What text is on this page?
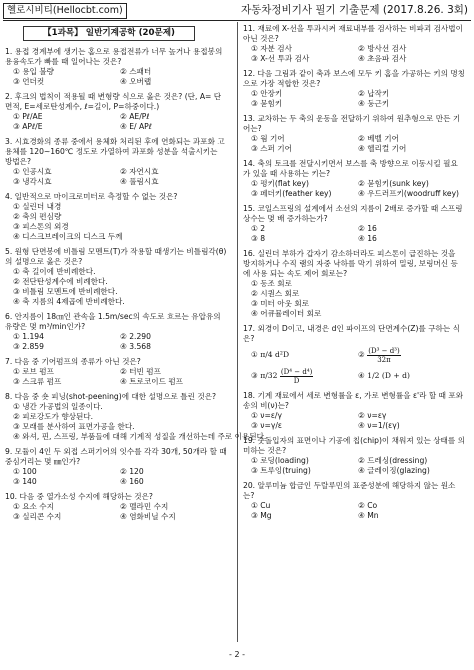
헬로시비티(Hellocbt.com)	자동차정비기사 필기 기출문제 (2017.8.26. 3회)
【1과목】 일반기계공학 (20문제)
1. 용접 경계부에 생기는 홈으로 용접전류가 너무 높거나 용접봉의 용융속도가 빠를 때 일어나는 것은?
① 용입 불량	② 스패터
③ 언더컷	④ 오버랩
2. 후크의 법칙이 적용될 때 변형량 식으로 옳은 것은? (단, A= 단면적, E=세로탄성계수, ℓ=길이, P=하중이다.)
① Pℓ/AE	② AE/Pℓ
③ APℓ/E	④ E/ APℓ
3. 시효경화의 종류 중에서 용체화 처리된 후에 연화되는 과포화 고용체를 120~160℃ 정도로 가열하여 과포화 성분을 석출시키는 방법은?
① 인공시효	② 자연시효
③ 냉각시효	④ 풀림시효
4. 일반적으로 마이크로미터로 측정할 수 없는 것은?
① 실린더 내경
② 축의 편심량
③ 피스톤의 외경
④ 디스크브레이크의 디스크 두께
5. 원형 단면봉에 비틀림 모멘트(T)가 작용할 때생기는 비틀림각(θ)의 설명으로 옳은 것은?
① 축 길이에 반비례한다.
② 전단탄성계수에 비례한다.
③ 비틀림 모멘트에 반비례한다.
④ 축 지름의 4제곱에 반비례한다.
6. 안지름이 18㎝인 관속을 1.5m/sec의 속도로 흐르는 유압유의 유량은 몇 m³/min인가?
① 1.194	② 2.290
③ 2.859	④ 3.568
7. 다음 중 기어펌프의 종류가 아닌 것은?
① 로브 펌프	② 터빈 펌프
③ 스크류 펌프	④ 트로코이드 펌프
8. 다음 중 숏 피닝(shot-peening)에 대한 설명으로 틀린 것은?
① 냉간 가공법의 일종이다.
② 피로강도가 향상된다.
③ 모래를 분사하여 표면가공을 한다.
④ 와셔, 핀, 스프링, 부품들에 대해 기계적 성질을 개선하는데 주로 이용된다.
9. 모듈이 4인 두 외접 스퍼기어의 잇수를 각각 30개, 50개라 할 때 중심거리는 몇 ㎜인가?
① 100	② 120
③ 140	④ 160
10. 다음 중 열가소성 수지에 해당하는 것은?
① 요소 수지	② 멜라민 수지
③ 실리콘 수지	④ 염화비닐 수지
11. 재료에 X-선을 투과시켜 재료내부를 검사하는 비파괴 검사법이 아닌 것은?
① 자분 검사	② 방사선 검사
③ X-선 투과 검사	④ 초음파 검사
12. 다음 그림과 같이 축과 보스에 모두 키 홈을 가공하는 키의 명칭으로 가장 적합한 것은?
① 안장키	② 납작키
③ 묻힘키	④ 둥근키
13. 교차하는 두 축의 운동을 전달하기 위하여 원추형으로 만든 기어는?
① 웜 기어	② 베벨 기어
③ 스퍼 기어	④ 헬리컬 기어
14. 축의 토크를 전달시키면서 보스를 축 방향으로 이동시킬 필요가 있을 때 사용하는 키는?
① 평키(flat key)	② 묻힘키(sunk key)
③ 페더키(feather key)	④ 우드러프키(woodruff key)
15. 코일스프링의 설계에서 소선의 지름이 2배로 증가할 때 스프링 상수는 몇 배 증가하는가?
① 2	② 16
③ 8	④ 16
16. 실린더 부하가 갑자기 감소하더라도 피스톤이 급진하는 것을 방지하거나 수직 램의 자중 낙하를 막기 위하여 밀링, 보링머신 등에 사용 되는 속도 제어 회로는?
① 동조 회로
② 시퀀스 회로
③ 미터 아웃 회로
④ 어큐뮬레이터 회로
17. 외경이 D이고, 내경은 d인 파이프의 단면계수(Z)를 구하는 식은?
① π/4 d²D	② $\frac{\text{(D³ − d³)}}{32\pi}$
③ $\pi/32 \frac{\text{(D⁴ − d⁴)}}{D}$	④ 1/2 (D + d)
18. 기계 재료에서 세로 변형률을 ε, 가로 변형률을 ε'라 할 때 포와송의 비(ν)는?
① ν=ε/γ	② ν=εγ
③ ν=γ/ε	④ ν=1/(εγ)
19. 숫돌입자의 표면이나 기공에 칩(chip)이 채워져 있는 상태를 의미하는 것은?
① 로딩(loading)	② 드레싱(dressing)
③ 트루잉(truing)	④ 글레이징(glazing)
20. 알루미늄 합금인 두랄루민의 표준성분에 해당하지 않는 원소는?
① Cu	② Co
③ Mg	④ Mn
- 2 -
